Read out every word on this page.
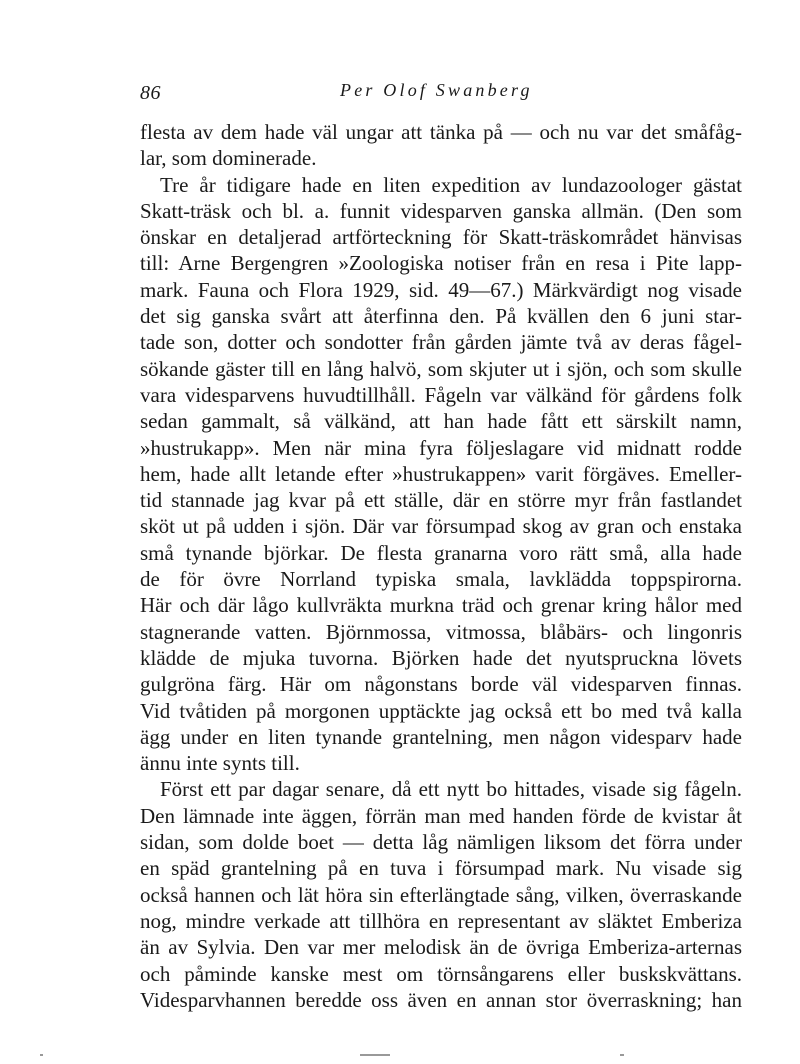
86	Per Olof Swanberg
flesta av dem hade väl ungar att tänka på — och nu var det småfåg-
lar, som dominerade.
Tre år tidigare hade en liten expedition av lundazoologer gästat
Skatt-träsk och bl. a. funnit videsparven ganska allmän. (Den som
önskar en detaljerad artförteckning för Skatt-träskområdet hänvisas
till: Arne Bergengren »Zoologiska notiser från en resa i Pite lapp-
mark. Fauna och Flora 1929, sid. 49—67.) Märkvärdigt nog visade
det sig ganska svårt att återfinna den. På kvällen den 6 juni star-
tade son, dotter och sondotter från gården jämte två av deras fågel-
sökande gäster till en lång halvö, som skjuter ut i sjön, och som skulle
vara videsparvens huvudtillhåll. Fågeln var välkänd för gårdens folk
sedan gammalt, så välkänd, att han hade fått ett särskilt namn,
»hustrukapp». Men när mina fyra följeslagare vid midnatt rodde
hem, hade allt letande efter »hustrukappen» varit förgäves. Emeller-
tid stannade jag kvar på ett ställe, där en större myr från fastlandet
sköt ut på udden i sjön. Där var försumpad skog av gran och enstaka
små tynande björkar. De flesta granarna voro rätt små, alla hade
de för övre Norrland typiska smala, lavklädda toppspirorna.
Här och där lågo kullvräkta murkna träd och grenar kring hålor med
stagnerande vatten. Björnmossa, vitmossa, blåbärs- och lingonris
klädde de mjuka tuvorna. Björken hade det nyutspruckna lövets
gulgröna färg. Här om någonstans borde väl videsparven finnas.
Vid tvåtiden på morgonen upptäckte jag också ett bo med två kalla
ägg under en liten tynande grantelning, men någon videsparv hade
ännu inte synts till.
Först ett par dagar senare, då ett nytt bo hittades, visade sig fågeln.
Den lämnade inte äggen, förrän man med handen förde de kvistar åt
sidan, som dolde boet — detta låg nämligen liksom det förra under
en späd grantelning på en tuva i försumpad mark. Nu visade sig
också hannen och lät höra sin efterlängtade sång, vilken, överraskande
nog, mindre verkade att tillhöra en representant av släktet Emberiza
än av Sylvia. Den var mer melodisk än de övriga Emberiza-arternas
och påminde kanske mest om törnsångarens eller buskskvättans.
Videsparvhannen beredde oss även en annan stor överraskning; han
